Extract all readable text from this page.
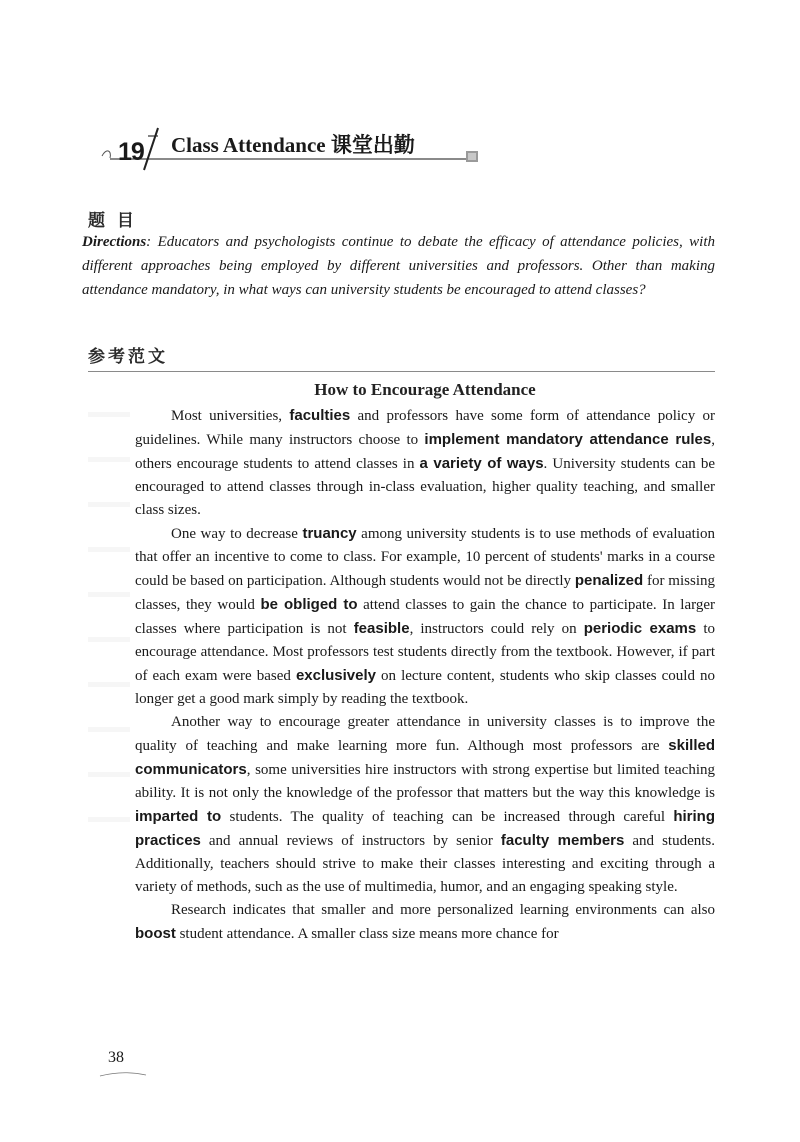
19 Class Attendance 课堂出勤
题 目
Directions: Educators and psychologists continue to debate the efficacy of attendance policies, with different approaches being employed by different universities and professors. Other than making attendance mandatory, in what ways can university students be encouraged to attend classes?
参考范文
How to Encourage Attendance

Most universities, faculties and professors have some form of attendance policy or guidelines. While many instructors choose to implement mandatory attendance rules, others encourage students to attend classes in a variety of ways. University students can be encouraged to attend classes through in-class evaluation, higher quality teaching, and smaller class sizes.

One way to decrease truancy among university students is to use methods of evaluation that offer an incentive to come to class. For example, 10 percent of students' marks in a course could be based on participation. Although students would not be directly penalized for missing classes, they would be obliged to attend classes to gain the chance to participate. In larger classes where participation is not feasible, instructors could rely on periodic exams to encourage attendance. Most professors test students directly from the textbook. However, if part of each exam were based exclusively on lecture content, students who skip classes could no longer get a good mark simply by reading the textbook.

Another way to encourage greater attendance in university classes is to improve the quality of teaching and make learning more fun. Although most professors are skilled communicators, some universities hire instructors with strong expertise but limited teaching ability. It is not only the knowledge of the professor that matters but the way this knowledge is imparted to students. The quality of teaching can be increased through careful hiring practices and annual reviews of instructors by senior faculty members and students. Additionally, teachers should strive to make their classes interesting and exciting through a variety of methods, such as the use of multimedia, humor, and an engaging speaking style.

Research indicates that smaller and more personalized learning environments can also boost student attendance. A smaller class size means more chance for

38
